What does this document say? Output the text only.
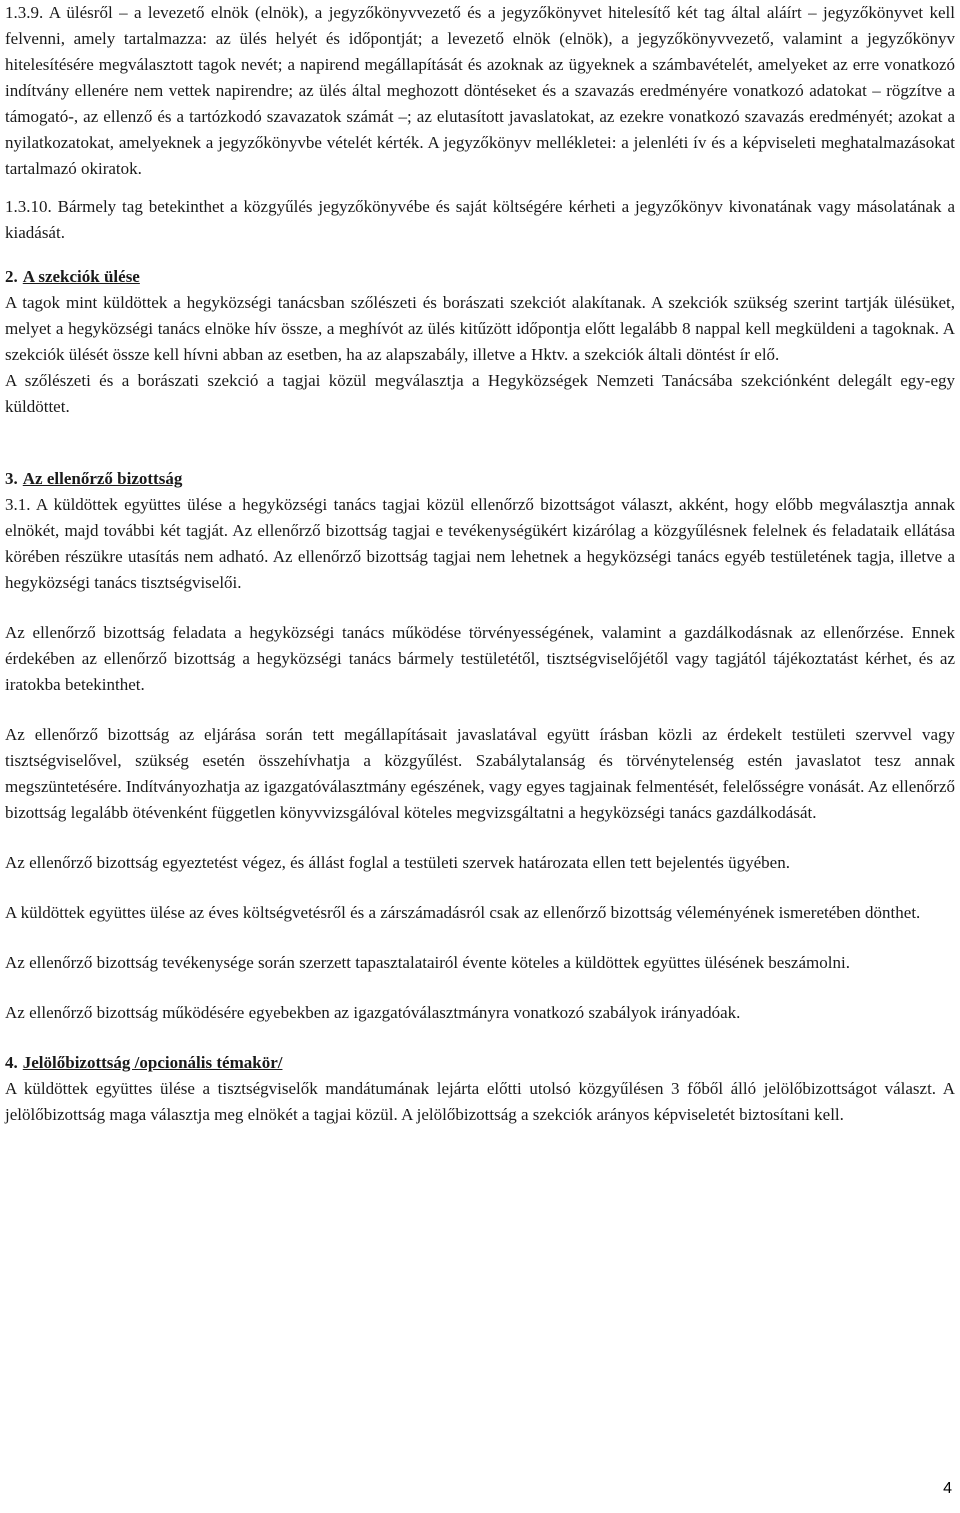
1.3.9. A ülésről – a levezető elnök (elnök), a jegyzőkönyvvezető és a jegyzőkönyvet hitelesítő két tag által aláírt – jegyzőkönyvet kell felvenni, amely tartalmazza: az ülés helyét és időpontját; a levezető elnök (elnök), a jegyzőkönyvvezető, valamint a jegyzőkönyv hitelesítésére megválasztott tagok nevét; a napirend megállapítását és azoknak az ügyeknek a számbavételét, amelyeket az erre vonatkozó indítvány ellenére nem vettek napirendre; az ülés által meghozott döntéseket és a szavazás eredményére vonatkozó adatokat – rögzítve a támogató-, az ellenző és a tartózkodó szavazatok számát –; az elutasított javaslatokat, az ezekre vonatkozó szavazás eredményét; azokat a nyilatkozatokat, amelyeknek a jegyzőkönyvbe vételét kérték. A jegyzőkönyv mellékletei: a jelenléti ív és a képviseleti meghatalmazásokat tartalmazó okiratok.

1.3.10. Bármely tag betekinthet a közgyűlés jegyzőkönyvébe és saját költségére kérheti a jegyzőkönyv kivonatának vagy másolatának a kiadását.

2. A szekciók ülése

A tagok mint küldöttek a hegyközségi tanácsban szőlészeti és borászati szekciót alakítanak. A szekciók szükség szerint tartják ülésüket, melyet a hegyközségi tanács elnöke hív össze, a meghívót az ülés kitűzött időpontja előtt legalább 8 nappal kell megküldeni a tagoknak. A szekciók ülését össze kell hívni abban az esetben, ha az alapszabály, illetve a Hktv. a szekciók általi döntést ír elő.

A szőlészeti és a borászati szekció a tagjai közül megválasztja a Hegyközségek Nemzeti Tanácsába szekciónként delegált egy-egy küldöttet.

3. Az ellenőrző bizottság

3.1. A küldöttek együttes ülése a hegyközségi tanács tagjai közül ellenőrző bizottságot választ, akként, hogy előbb megválasztja annak elnökét, majd további két tagját. Az ellenőrző bizottság tagjai e tevékenységükért kizárólag a közgyűlésnek felelnek és feladataik ellátása körében részükre utasítás nem adható. Az ellenőrző bizottság tagjai nem lehetnek a hegyközségi tanács egyéb testületének tagja, illetve a hegyközségi tanács tisztségviselői.

Az ellenőrző bizottság feladata a hegyközségi tanács működése törvényességének, valamint a gazdálkodásnak az ellenőrzése. Ennek érdekében az ellenőrző bizottság a hegyközségi tanács bármely testületétől, tisztségviselőjétől vagy tagjától tájékoztatást kérhet, és az iratokba betekinthet.

Az ellenőrző bizottság az eljárása során tett megállapításait javaslatával együtt írásban közli az érdekelt testületi szervvel vagy tisztségviselővel, szükség esetén összehívhatja a közgyűlést. Szabálytalanság és törvénytelenség estén javaslatot tesz annak megszüntetésére. Indítványozhatja az igazgatóválasztmány egészének, vagy egyes tagjainak felmentését, felelősségre vonását. Az ellenőrző bizottság legalább ötévenként független könyvvizsgálóval köteles megvizsgáltatni a hegyközségi tanács gazdálkodását.

Az ellenőrző bizottság egyeztetést végez, és állást foglal a testületi szervek határozata ellen tett bejelentés ügyében.

A küldöttek együttes ülése az éves költségvetésről és a zárszámadásról csak az ellenőrző bizottság véleményének ismeretében dönthet.

Az ellenőrző bizottság tevékenysége során szerzett tapasztalatairól évente köteles a küldöttek együttes ülésének beszámolni.

Az ellenőrző bizottság működésére egyebekben az igazgatóválasztmányra vonatkozó szabályok irányadóak.

4. Jelölőbizottság /opcionális témakör/

A küldöttek együttes ülése a tisztségviselők mandátumának lejárta előtti utolsó közgyűlésen 3 főből álló jelölőbizottságot választ. A jelölőbizottság maga választja meg elnökét a tagjai közül. A jelölőbizottság a szekciók arányos képviseletét biztosítani kell.

4
